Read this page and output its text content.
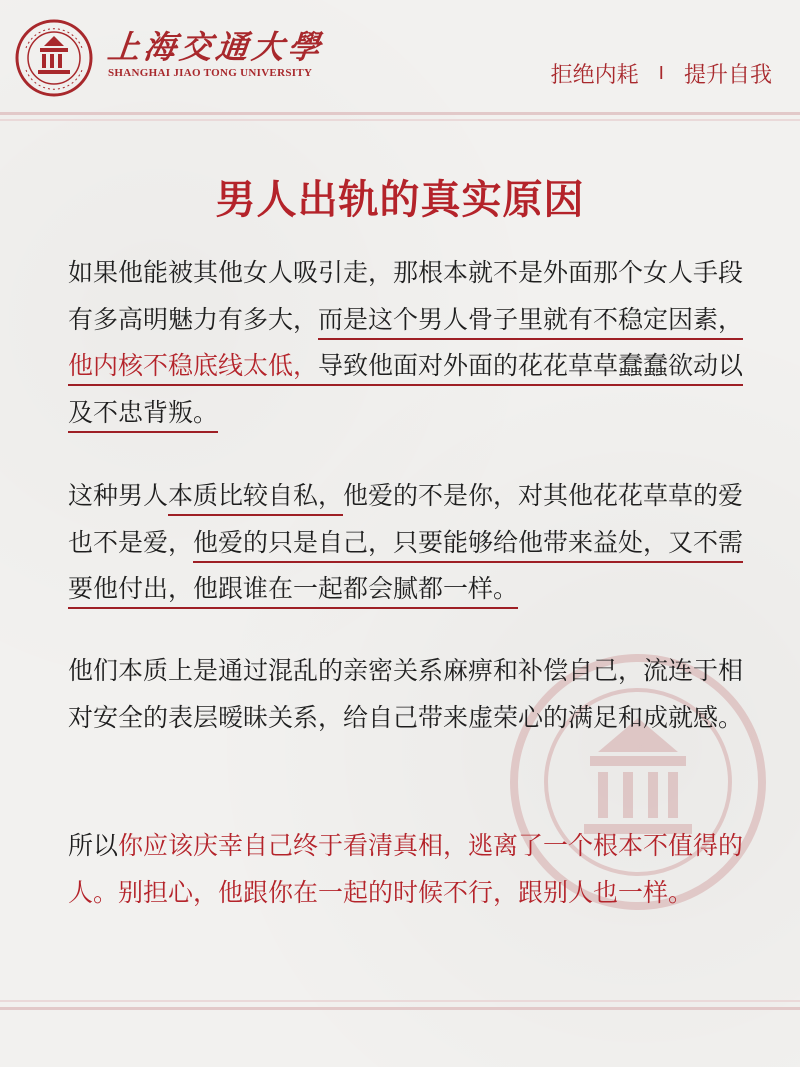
上海交通大學
SHANGHAI JIAO TONG UNIVERSITY	拒绝内耗 I 提升自我
男人出轨的真实原因
如果他能被其他女人吸引走，那根本就不是外面那个女人手段有多高明魅力有多大，而是这个男人骨子里就有不稳定因素，他内核不稳底线太低，导致他面对外面的花花草草蠢蠢欲动以及不忠背叛。
这种男人本质比较自私，他爱的不是你，对其他花花草草的爱也不是爱，他爱的只是自己，只要能够给他带来益处，又不需要他付出，他跟谁在一起都会腻都一样。
他们本质上是通过混乱的亲密关系麻痹和补偿自己，流连于相对安全的表层暧昧关系，给自己带来虚荣心的满足和成就感。
所以你应该庆幸自己终于看清真相，逃离了一个根本不值得的人。别担心，他跟你在一起的时候不行，跟别人也一样。
